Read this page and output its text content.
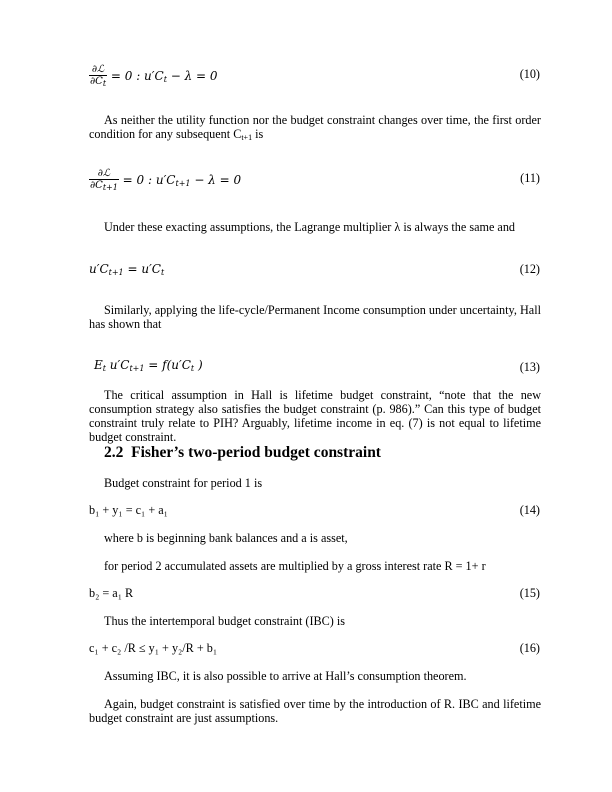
$\frac{\text{∂ℒ}}{\partial C_t} = 0$ : $u'C_t - \lambda = 0$	(10)
As neither the utility function nor the budget constraint changes over time, the first order condition for any subsequent $C_{t+1}$ is
$\frac{\text{∂ℒ}}{\partial C_{t+1}} = 0$ : $u'C_{t+1} - \lambda = 0$	(11)
Under these exacting assumptions, the Lagrange multiplier λ is always the same and
$u'C_{t+1} = u'C_t$	(12)
Similarly, applying the life-cycle/Permanent Income consumption under uncertainty, Hall has shown that
$E_t$ $u'C_{t+1} = f(u'C_t$ )	(13)
The critical assumption in Hall is lifetime budget constraint, “note that the new consumption strategy also satisfies the budget constraint (p. 986).” Can this type of budget constraint truly relate to PIH? Arguably, lifetime income in eq. (7) is not equal to lifetime budget constraint.
2.2 Fisher’s two-period budget constraint
Budget constraint for period 1 is
b₁ + y₁ = c₁ + a₁	(14)
where b is beginning bank balances and a is asset,
for period 2 accumulated assets are multiplied by a gross interest rate R = 1+ r
b₂ = a₁ R	(15)
Thus the intertemporal budget constraint (IBC) is
c₁ + c₂ /R ≤ y₁ + y₂/R + b₁	(16)
Assuming IBC, it is also possible to arrive at Hall’s consumption theorem.
Again, budget constraint is satisfied over time by the introduction of R. IBC and lifetime budget constraint are just assumptions.
